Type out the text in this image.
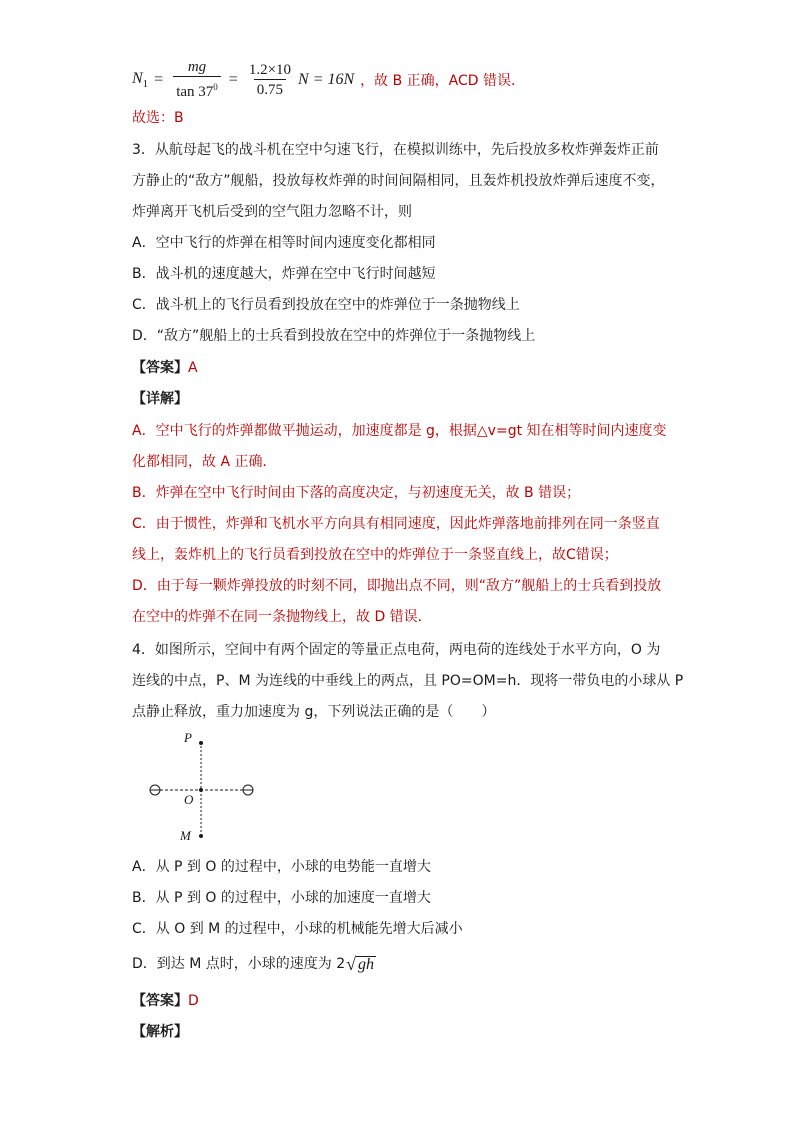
$N_1 = \frac{mg}{\tan 37^0} = \frac{1.2\times 10}{0.75}$ N = 16N ，故 B 正确，ACD 错误．
故选：B
3．从航母起飞的战斗机在空中匀速飞行，在模拟训练中，先后投放多枚炸弹轰炸正前
方静止的“敌方”舰船，投放每枚炸弹的时间间隔相同，且轰炸机投放炸弹后速度不变，
炸弹离开飞机后受到的空气阻力忽略不计，则
A．空中飞行的炸弹在相等时间内速度变化都相同
B．战斗机的速度越大，炸弹在空中飞行时间越短
C．战斗机上的飞行员看到投放在空中的炸弹位于一条抛物线上
D．“敌方”舰船上的士兵看到投放在空中的炸弹位于一条抛物线上
【答案】A
【详解】
A．空中飞行的炸弹都做平抛运动，加速度都是 g，根据△v=gt 知在相等时间内速度变
化都相同，故 A 正确．
B．炸弹在空中飞行时间由下落的高度决定，与初速度无关，故 B 错误；
C．由于惯性，炸弹和飞机水平方向具有相同速度，因此炸弹落地前排列在同一条竖直
线上，轰炸机上的飞行员看到投放在空中的炸弹位于一条竖直线上，故C错误；
D．由于每一颗炸弹投放的时刻不同，即抛出点不同，则“敌方”舰船上的士兵看到投放
在空中的炸弹不在同一条抛物线上，故 D 错误．
4．如图所示，空间中有两个固定的等量正点电荷，两电荷的连线处于水平方向，O 为
连线的中点，P、M 为连线的中垂线上的两点，且 PO=OM=h．现将一带负电的小球从 P
点静止释放，重力加速度为 g，下列说法正确的是（　　）
P
O
M
A．从 P 到 O 的过程中，小球的电势能一直增大
B．从 P 到 O 的过程中，小球的加速度一直增大
C．从 O 到 M 的过程中，小球的机械能先增大后减小
D．到达 M 点时，小球的速度为 2 √ gh
【答案】D
【解析】
